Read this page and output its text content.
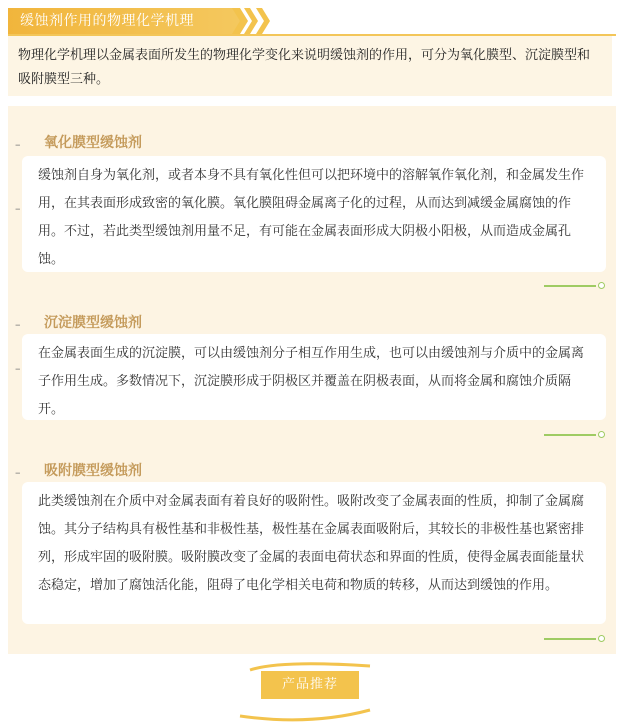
缓蚀剂作用的物理化学机理
物理化学机理以金属表面所发生的物理化学变化来说明缓蚀剂的作用，可分为氧化膜型、沉淀膜型和吸附膜型三种。
– 氧化膜型缓蚀剂
缓蚀剂自身为氧化剂，或者本身不具有氧化性但可以把环境中的溶解氧作氧化剂，和金属发生作用，在其表面形成致密的氧化膜。氧化膜阻碍金属离子化的过程，从而达到减缓金属腐蚀的作用。不过，若此类型缓蚀剂用量不足，有可能在金属表面形成大阴极小阳极，从而造成金属孔蚀。
–
– 沉淀膜型缓蚀剂
在金属表面生成的沉淀膜，可以由缓蚀剂分子相互作用生成，也可以由缓蚀剂与介质中的金属离子作用生成。多数情况下，沉淀膜形成于阴极区并覆盖在阴极表面，从而将金属和腐蚀介质隔开。
–
– 吸附膜型缓蚀剂
此类缓蚀剂在介质中对金属表面有着良好的吸附性。吸附改变了金属表面的性质，抑制了金属腐蚀。其分子结构具有极性基和非极性基，极性基在金属表面吸附后，其较长的非极性基也紧密排列，形成牢固的吸附膜。吸附膜改变了金属的表面电荷状态和界面的性质，使得金属表面能量状态稳定，增加了腐蚀活化能，阻碍了电化学相关电荷和物质的转移，从而达到缓蚀的作用。
产品推荐
